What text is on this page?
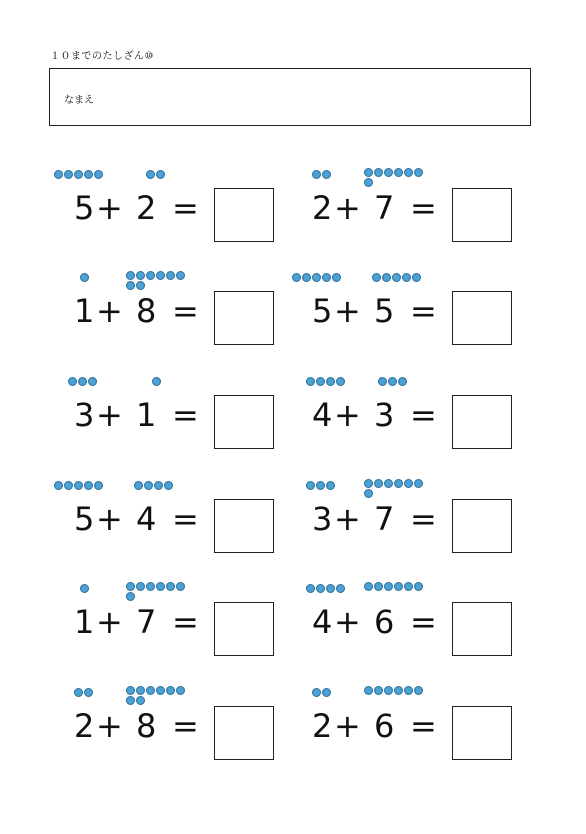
１０までのたしざん⑩
なまえ
5 + 2 =	2 + 7 =
1 + 8 =	5 + 5 =
3 + 1 =	4 + 3 =
5 + 4 =	3 + 7 =
1 + 7 =	4 + 6 =
2 + 8 =	2 + 6 =
